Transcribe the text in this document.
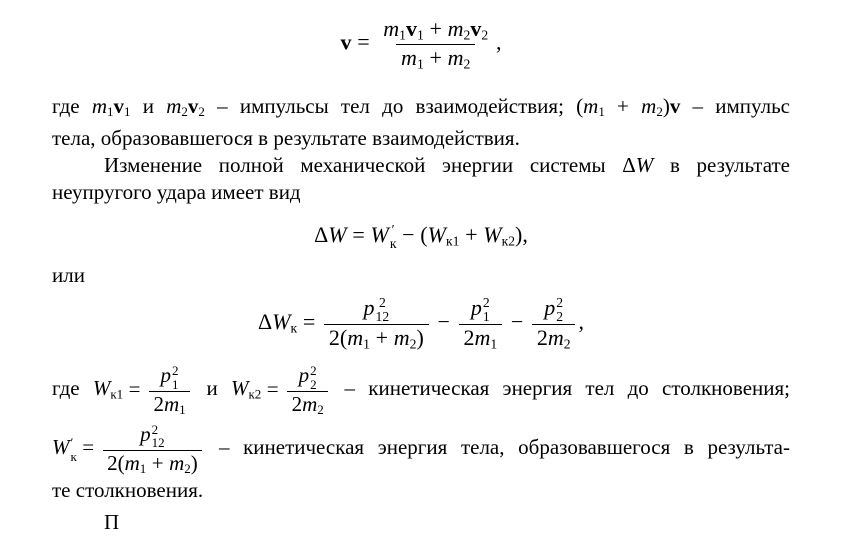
$v = \frac{m1v1 + m2v2}{m1 + m2}$ ,
где m1v1 и m2v2 – импульсы тел до взаимодействия; (m1 + m2)v – импульс
тела, образовавшегося в результате взаимодействия.
Изменение полной механической энергии системы ΔW в результате
неупругого удара имеет вид
ΔW = W ′
к − (Wк1 + Wк2),
или
ΔWк = p 2
12
2(m1 + m2) − p 2
1
2m1 − p 2
2
2m2 ,
где Wк1 = p 2
1
2m1 и Wк2 = p 2
2
2m2 – кинетическая энергия тел до столкновения;
W ′
к = p 2
12
2(m1 + m2) – кинетическая энергия тела, образовавшегося в результа-
те столкновения.
П
